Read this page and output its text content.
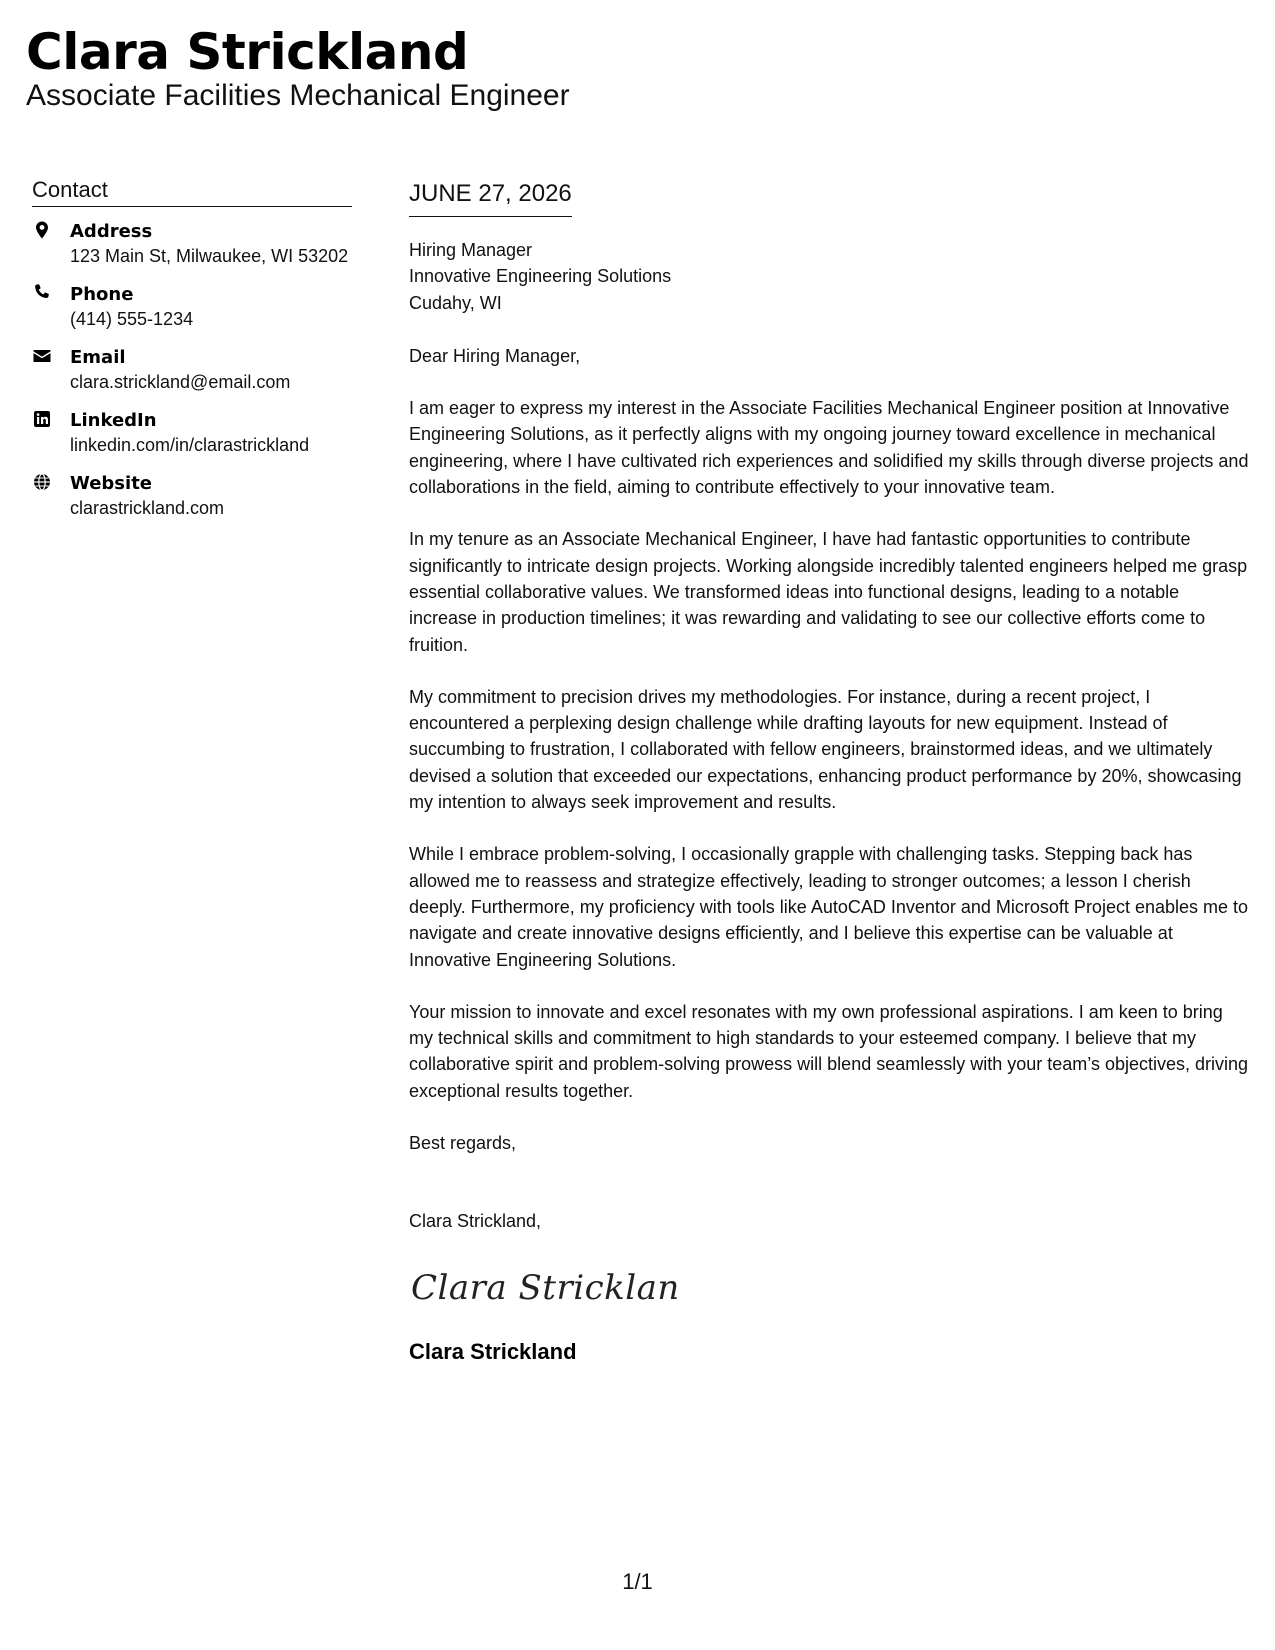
Clara Strickland
Associate Facilities Mechanical Engineer
Contact
Address
123 Main St, Milwaukee, WI 53202
Phone
(414) 555-1234
Email
clara.strickland@email.com
LinkedIn
linkedin.com/in/clarastrickland
Website
clarastrickland.com
JUNE 27, 2026
Hiring Manager
Innovative Engineering Solutions
Cudahy, WI
Dear Hiring Manager,
I am eager to express my interest in the Associate Facilities Mechanical Engineer position at Innovative Engineering Solutions, as it perfectly aligns with my ongoing journey toward excellence in mechanical engineering, where I have cultivated rich experiences and solidified my skills through diverse projects and collaborations in the field, aiming to contribute effectively to your innovative team.
In my tenure as an Associate Mechanical Engineer, I have had fantastic opportunities to contribute significantly to intricate design projects. Working alongside incredibly talented engineers helped me grasp essential collaborative values. We transformed ideas into functional designs, leading to a notable increase in production timelines; it was rewarding and validating to see our collective efforts come to fruition.
My commitment to precision drives my methodologies. For instance, during a recent project, I encountered a perplexing design challenge while drafting layouts for new equipment. Instead of succumbing to frustration, I collaborated with fellow engineers, brainstormed ideas, and we ultimately devised a solution that exceeded our expectations, enhancing product performance by 20%, showcasing my intention to always seek improvement and results.
While I embrace problem-solving, I occasionally grapple with challenging tasks. Stepping back has allowed me to reassess and strategize effectively, leading to stronger outcomes; a lesson I cherish deeply. Furthermore, my proficiency with tools like AutoCAD Inventor and Microsoft Project enables me to navigate and create innovative designs efficiently, and I believe this expertise can be valuable at Innovative Engineering Solutions.
Your mission to innovate and excel resonates with my own professional aspirations. I am keen to bring my technical skills and commitment to high standards to your esteemed company. I believe that my collaborative spirit and problem-solving prowess will blend seamlessly with your team’s objectives, driving exceptional results together.
Best regards,
Clara Strickland,
Clara Strickland
Clara Strickland
1/1
